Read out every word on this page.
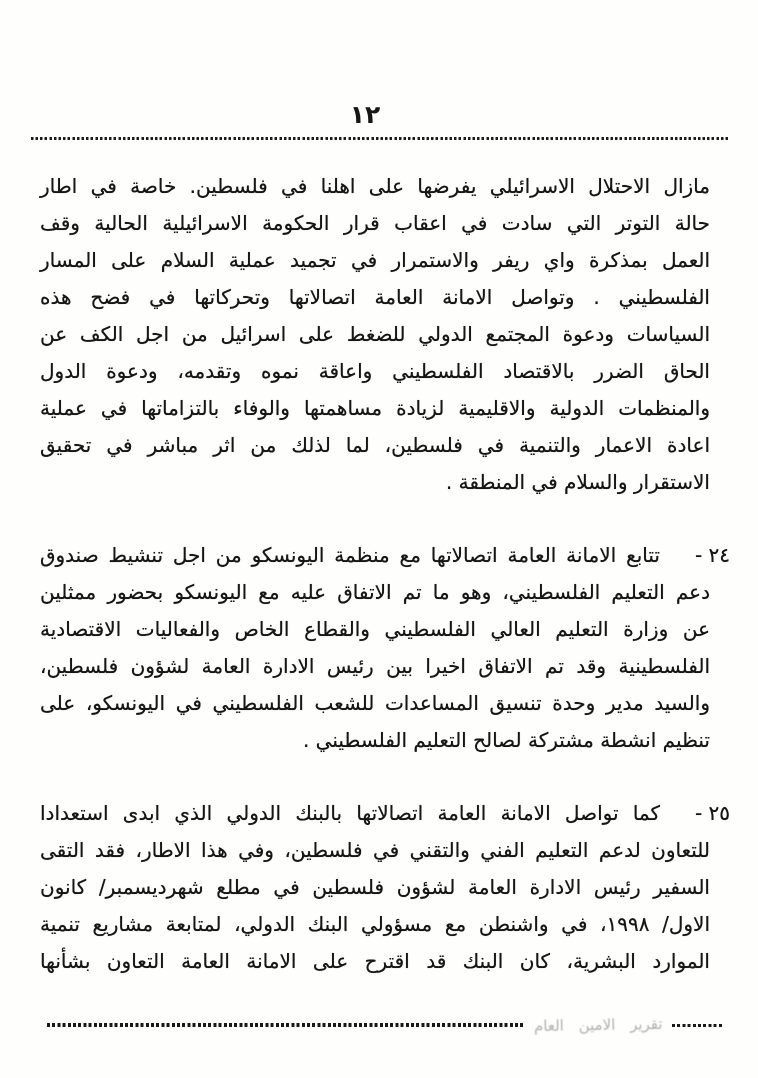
١٢
مازال الاحتلال الاسرائيلي يفرضها على اهلنا في فلسطين. خاصة في اطار
حالة التوتر التي سادت في اعقاب قرار الحكومة الاسرائيلية الحالية وقف
العمل بمذكرة واي ريفر والاستمرار في تجميد عملية السلام على المسار
الفلسطيني . وتواصل الامانة العامة اتصالاتها وتحركاتها في فضح هذه
السياسات ودعوة المجتمع الدولي للضغط على اسرائيل من اجل الكف عن
الحاق الضرر بالاقتصاد الفلسطيني واعاقة نموه وتقدمه، ودعوة الدول
والمنظمات الدولية والاقليمية لزيادة مساهمتها والوفاء بالتزاماتها في عملية
اعادة الاعمار والتنمية في فلسطين، لما لذلك من اثر مباشر في تحقيق
الاستقرار والسلام في المنطقة .
٢٤ -
تتابع الامانة العامة اتصالاتها مع منظمة اليونسكو من اجل تنشيط صندوق
دعم التعليم الفلسطيني، وهو ما تم الاتفاق عليه مع اليونسكو بحضور ممثلين
عن وزارة التعليم العالي الفلسطيني والقطاع الخاص والفعاليات الاقتصادية
الفلسطينية وقد تم الاتفاق اخيرا بين رئيس الادارة العامة لشؤون فلسطين،
والسيد مدير وحدة تنسيق المساعدات للشعب الفلسطيني في اليونسكو، على
تنظيم انشطة مشتركة لصالح التعليم الفلسطيني .
٢٥ -
كما تواصل الامانة العامة اتصالاتها بالبنك الدولي الذي ابدى استعدادا
للتعاون لدعم التعليم الفني والتقني في فلسطين، وفي هذا الاطار، فقد التقى
السفير رئيس الادارة العامة لشؤون فلسطين في مطلع شهرديسمبر/ كانون
الاول/ ١٩٩٨، في واشنطن مع مسؤولي البنك الدولي، لمتابعة مشاريع تنمية
الموارد البشرية، كان البنك قد اقترح على الامانة العامة التعاون بشأنها
تقرير الامين العام
